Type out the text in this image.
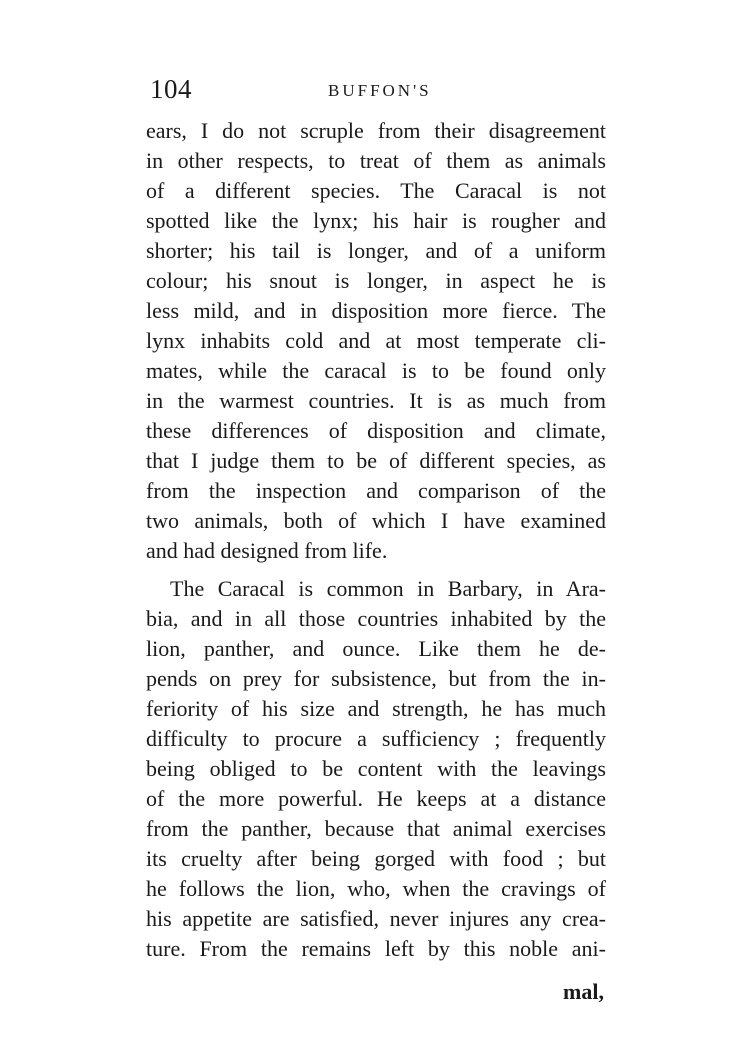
104	BUFFON'S
ears, I do not scruple from their disagreement
in other respects, to treat of them as animals
of a different species. The Caracal is not
spotted like the lynx; his hair is rougher and
shorter; his tail is longer, and of a uniform
colour; his snout is longer, in aspect he is
less mild, and in disposition more fierce. The
lynx inhabits cold and at most temperate cli-
mates, while the caracal is to be found only
in the warmest countries. It is as much from
these differences of disposition and climate,
that I judge them to be of different species, as
from the inspection and comparison of the
two animals, both of which I have examined
and had designed from life.
The Caracal is common in Barbary, in Ara-
bia, and in all those countries inhabited by the
lion, panther, and ounce. Like them he de-
pends on prey for subsistence, but from the in-
feriority of his size and strength, he has much
difficulty to procure a sufficiency ; frequently
being obliged to be content with the leavings
of the more powerful. He keeps at a distance
from the panther, because that animal exercises
its cruelty after being gorged with food ; but
he follows the lion, who, when the cravings of
his appetite are satisfied, never injures any crea-
ture. From the remains left by this noble ani-
mal,
